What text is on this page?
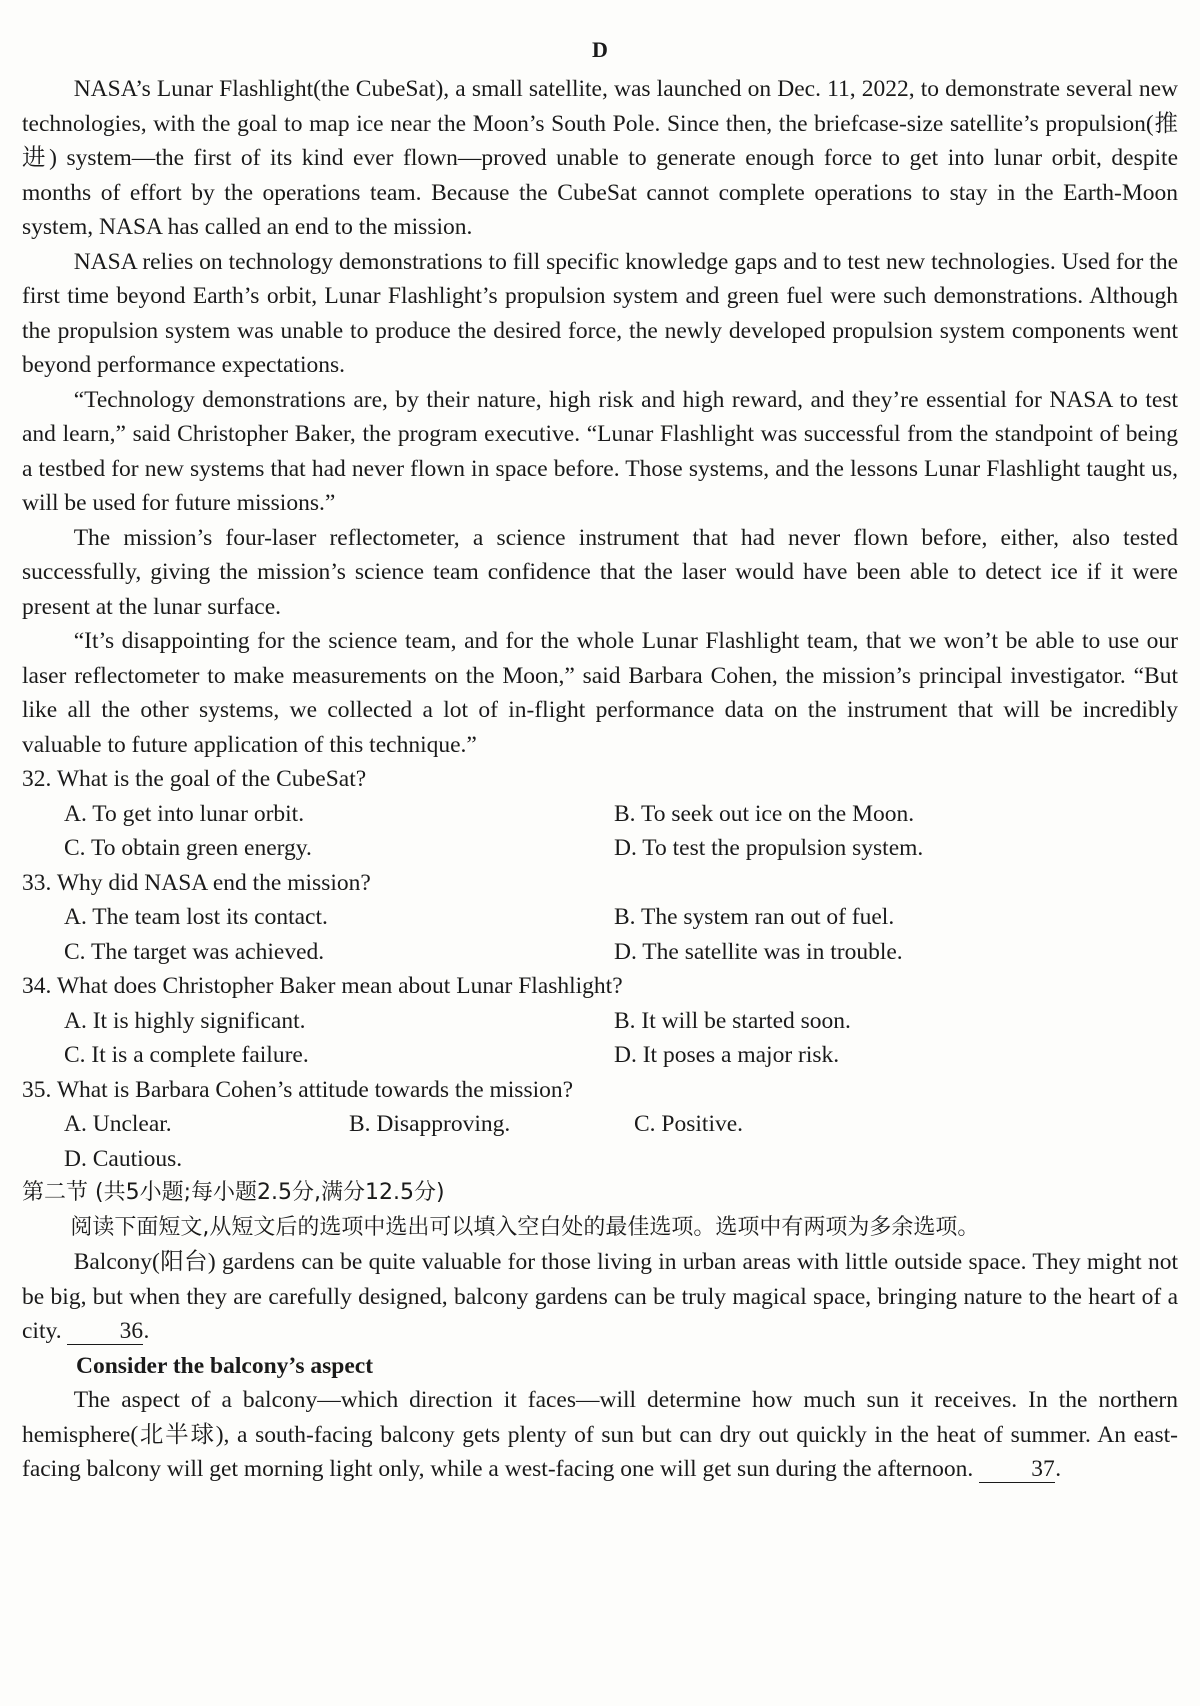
D

NASA’s Lunar Flashlight(the CubeSat), a small satellite, was launched on Dec. 11, 2022, to demonstrate several new technologies, with the goal to map ice near the Moon’s South Pole. Since then, the briefcase-size satellite’s propulsion(推进) system—the first of its kind ever flown—proved unable to generate enough force to get into lunar orbit, despite months of effort by the operations team. Because the CubeSat cannot complete operations to stay in the Earth-Moon system, NASA has called an end to the mission.

NASA relies on technology demonstrations to fill specific knowledge gaps and to test new technologies. Used for the first time beyond Earth’s orbit, Lunar Flashlight’s propulsion system and green fuel were such demonstrations. Although the propulsion system was unable to produce the desired force, the newly developed propulsion system components went beyond performance expectations.

“Technology demonstrations are, by their nature, high risk and high reward, and they’re essential for NASA to test and learn,” said Christopher Baker, the program executive. “Lunar Flashlight was successful from the standpoint of being a testbed for new systems that had never flown in space before. Those systems, and the lessons Lunar Flashlight taught us, will be used for future missions.”

The mission’s four-laser reflectometer, a science instrument that had never flown before, either, also tested successfully, giving the mission’s science team confidence that the laser would have been able to detect ice if it were present at the lunar surface.

“It’s disappointing for the science team, and for the whole Lunar Flashlight team, that we won’t be able to use our laser reflectometer to make measurements on the Moon,” said Barbara Cohen, the mission’s principal investigator. “But like all the other systems, we collected a lot of in-flight performance data on the instrument that will be incredibly valuable to future application of this technique.”

32. What is the goal of the CubeSat?

A. To get into lunar orbit.	B. To seek out ice on the Moon.
C. To obtain green energy.	D. To test the propulsion system.

33. Why did NASA end the mission?

A. The team lost its contact.	B. The system ran out of fuel.
C. The target was achieved.	D. The satellite was in trouble.

34. What does Christopher Baker mean about Lunar Flashlight?

A. It is highly significant.	B. It will be started soon.
C. It is a complete failure.	D. It poses a major risk.

35. What is Barbara Cohen’s attitude towards the mission?

A. Unclear.	B. Disapproving.	C. Positive.
D. Cautious.

第二节 (共5小题;每小题2.5分,满分12.5分)

阅读下面短文,从短文后的选项中选出可以填入空白处的最佳选项。选项中有两项为多余选项。

Balcony(阳台) gardens can be quite valuable for those living in urban areas with little outside space. They might not be big, but when they are carefully designed, balcony gardens can be truly magical space, bringing nature to the heart of a city. 36.

Consider the balcony’s aspect

The aspect of a balcony—which direction it faces—will determine how much sun it receives. In the northern hemisphere(北半球), a south-facing balcony gets plenty of sun but can dry out quickly in the heat of summer. An east-facing balcony will get morning light only, while a west-facing one will get sun during the afternoon. 37.
